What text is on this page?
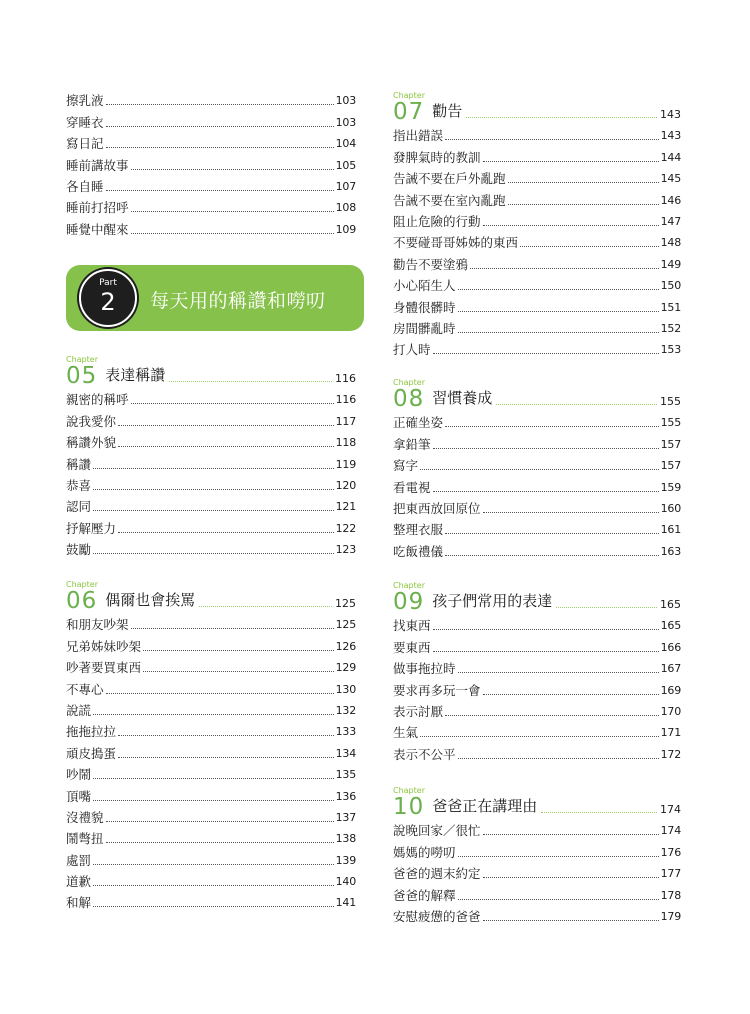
擦乳液	103
穿睡衣	103
寫日記	104
睡前講故事	105
各自睡	107
睡前打招呼	108
睡覺中醒來	109
Part
2	每天用的稱讚和嘮叨
Chapter
05 表達稱讚	116
親密的稱呼	116
說我愛你	117
稱讚外貌	118
稱讚	119
恭喜	120
認同	121
抒解壓力	122
鼓勵	123
Chapter
06 偶爾也會挨罵	125
和朋友吵架	125
兄弟姊妹吵架	126
吵著要買東西	129
不專心	130
說謊	132
拖拖拉拉	133
頑皮搗蛋	134
吵鬧	135
頂嘴	136
沒禮貌	137
鬧彆扭	138
處罰	139
道歉	140
和解	141
Chapter
07 勸告	143
指出錯誤	143
發脾氣時的教訓	144
告誡不要在戶外亂跑	145
告誡不要在室內亂跑	146
阻止危險的行動	147
不要碰哥哥姊姊的東西	148
勸告不要塗鴉	149
小心陌生人	150
身體很髒時	151
房間髒亂時	152
打人時	153
Chapter
08 習慣養成	155
正確坐姿	155
拿鉛筆	157
寫字	157
看電視	159
把東西放回原位	160
整理衣服	161
吃飯禮儀	163
Chapter
09 孩子們常用的表達	165
找東西	165
要東西	166
做事拖拉時	167
要求再多玩一會	169
表示討厭	170
生氣	171
表示不公平	172
Chapter
10 爸爸正在講理由	174
說晚回家／很忙	174
媽媽的嘮叨	176
爸爸的週末約定	177
爸爸的解釋	178
安慰疲憊的爸爸	179
